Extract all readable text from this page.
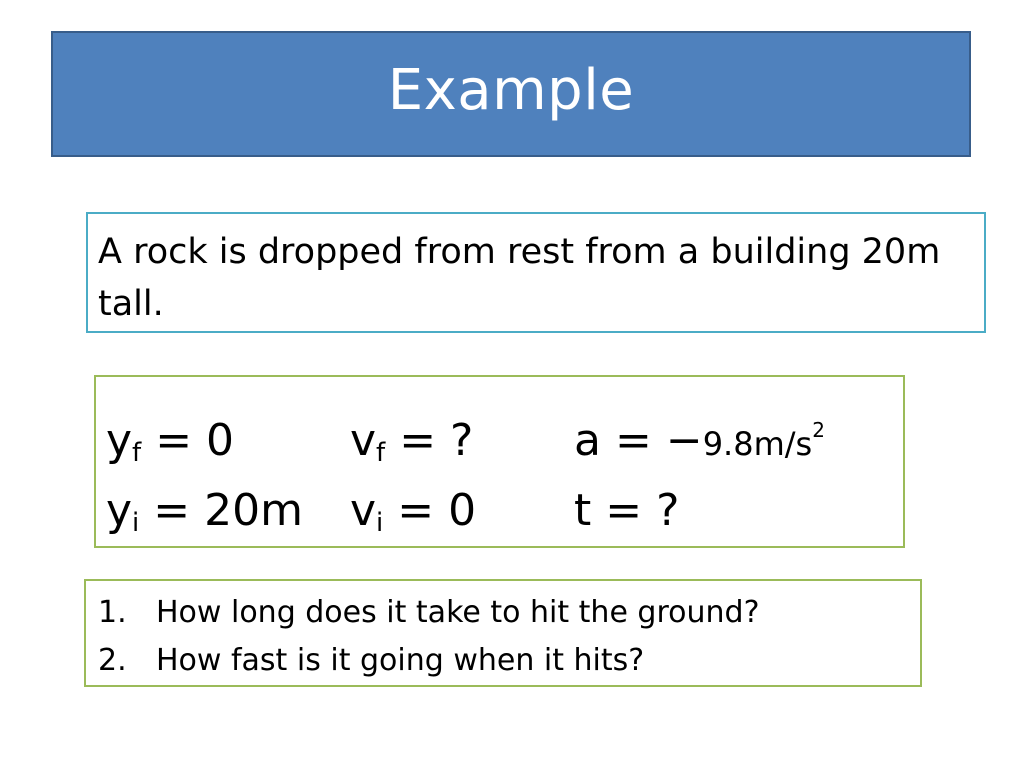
Example
A rock is dropped from rest from a building 20m tall.
$y_f = 0$	$v_f$ = ? $a = -9.8m/s^2$
$y_i = 20m$ $v_i = 0$ t = ?
1. How long does it take to hit the ground?
2. How fast is it going when it hits?
